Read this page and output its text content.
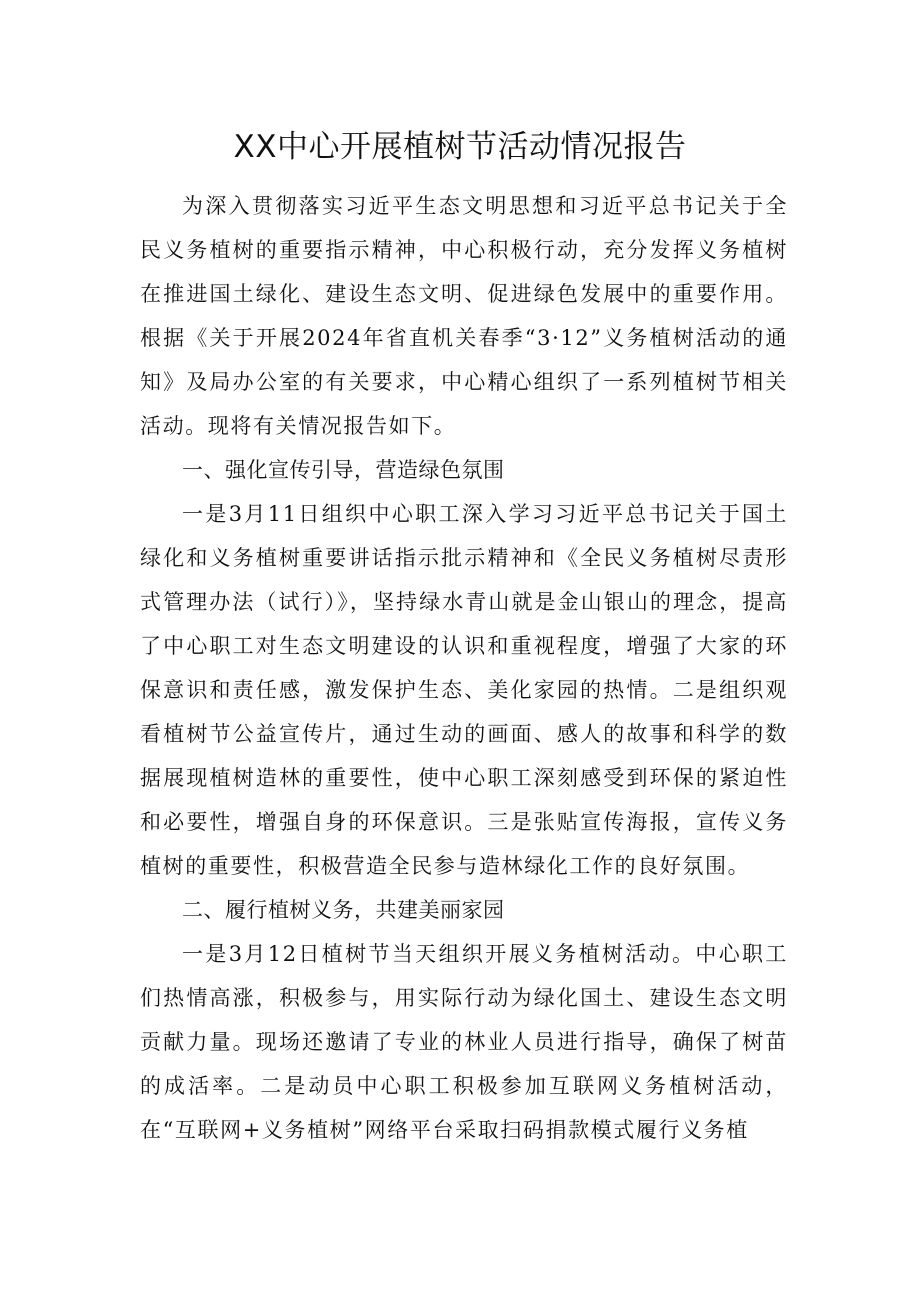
XX中心开展植树节活动情况报告

为深入贯彻落实习近平生态文明思想和习近平总书记关于全民义务植树的重要指示精神，中心积极行动，充分发挥义务植树在推进国土绿化、建设生态文明、促进绿色发展中的重要作用。根据《关于开展2024年省直机关春季“3·12”义务植树活动的通知》及局办公室的有关要求，中心精心组织了一系列植树节相关活动。现将有关情况报告如下。

一、强化宣传引导，营造绿色氛围

一是3月11日组织中心职工深入学习习近平总书记关于国土绿化和义务植树重要讲话指示批示精神和《全民义务植树尽责形式管理办法（试行）》，坚持绿水青山就是金山银山的理念，提高了中心职工对生态文明建设的认识和重视程度，增强了大家的环保意识和责任感，激发保护生态、美化家园的热情。二是组织观看植树节公益宣传片，通过生动的画面、感人的故事和科学的数据展现植树造林的重要性，使中心职工深刻感受到环保的紧迫性和必要性，增强自身的环保意识。三是张贴宣传海报，宣传义务植树的重要性，积极营造全民参与造林绿化工作的良好氛围。

二、履行植树义务，共建美丽家园

一是3月12日植树节当天组织开展义务植树活动。中心职工们热情高涨，积极参与，用实际行动为绿化国土、建设生态文明贡献力量。现场还邀请了专业的林业人员进行指导，确保了树苗的成活率。二是动员中心职工积极参加互联网义务植树活动，在“互联网+义务植树”网络平台采取扫码捐款模式履行义务植
